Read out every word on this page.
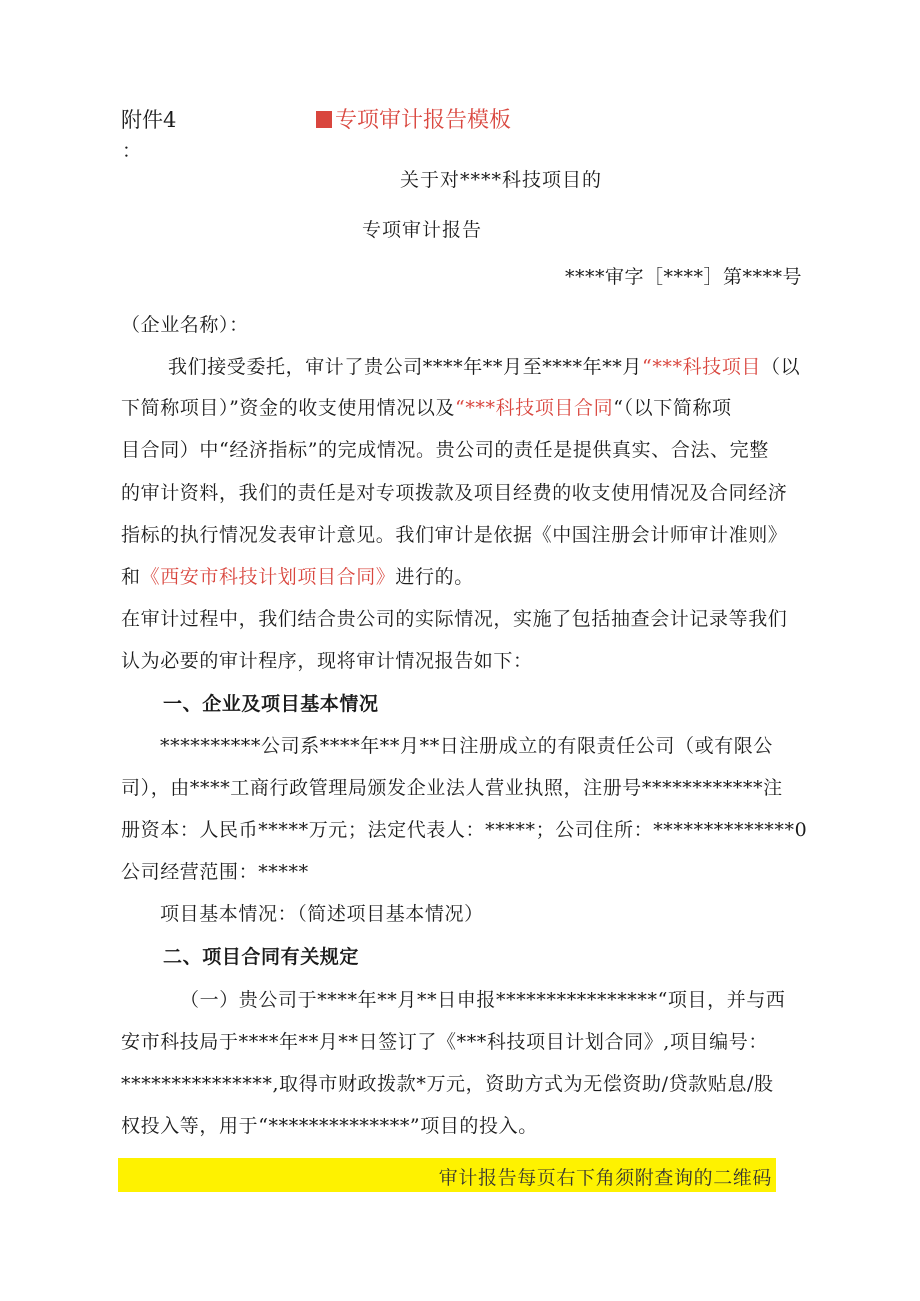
附件4
：
专项审计报告模板
关于对****科技项目的
专项审计报告
****审字［****］第****号
（企业名称）：
我们接受委托，审计了贵公司****年**月至****年**月“***科技项目（以
下简称项目）”资金的收支使用情况以及“***科技项目合同“（以下简称项
目合同）中“经济指标”的完成情况。贵公司的责任是提供真实、合法、完整
的审计资料，我们的责任是对专项拨款及项目经费的收支使用情况及合同经济
指标的执行情况发表审计意见。我们审计是依据《中国注册会计师审计准则》
和《西安市科技计划项目合同》进行的。
在审计过程中，我们结合贵公司的实际情况，实施了包括抽查会计记录等我们
认为必要的审计程序，现将审计情况报告如下：
一、企业及项目基本情况
**********公司系****年**月**日注册成立的有限责任公司（或有限公
司），由****工商行政管理局颁发企业法人营业执照，注册号************注
册资本：人民币*****万元；法定代表人：*****；公司住所：**************0
公司经营范围：*****
项目基本情况：（简述项目基本情况）
二、项目合同有关规定
（一）贵公司于****年**月**日申报****************“项目，并与西
安市科技局于****年**月**日签订了《***科技项目计划合同》,项目编号：
***************,取得市财政拨款*万元，资助方式为无偿资助/贷款贴息/股
权投入等，用于“**************”项目的投入。
审计报告每页右下角须附查询的二维码
